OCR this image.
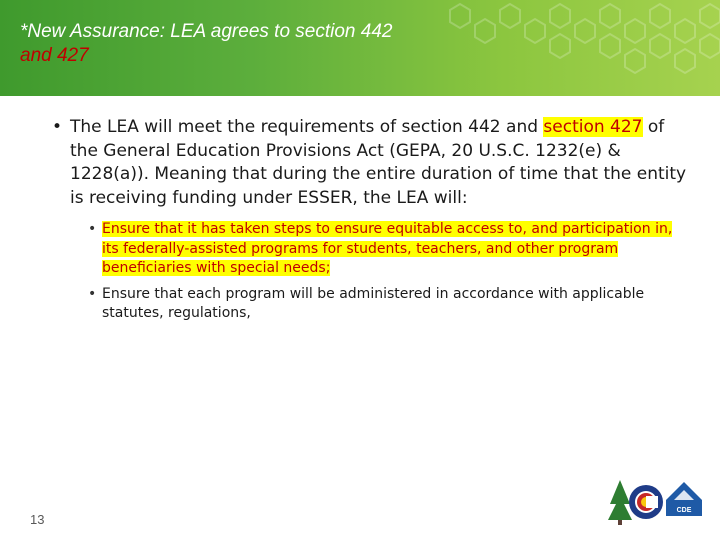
*New Assurance: LEA agrees to section 442
and 427
• The LEA will meet the requirements of section 442 and section 427 of the General Education Provisions Act (GEPA, 20 U.S.C. 1232(e) & 1228(a)). Meaning that during the entire duration of time that the entity is receiving funding under ESSER, the LEA will:
• Ensure that it has taken steps to ensure equitable access to, and participation in, its federally-assisted programs for students, teachers, and other program beneficiaries with special needs;
• Ensure that each program will be administered in accordance with applicable statutes, regulations,
13
CDE
